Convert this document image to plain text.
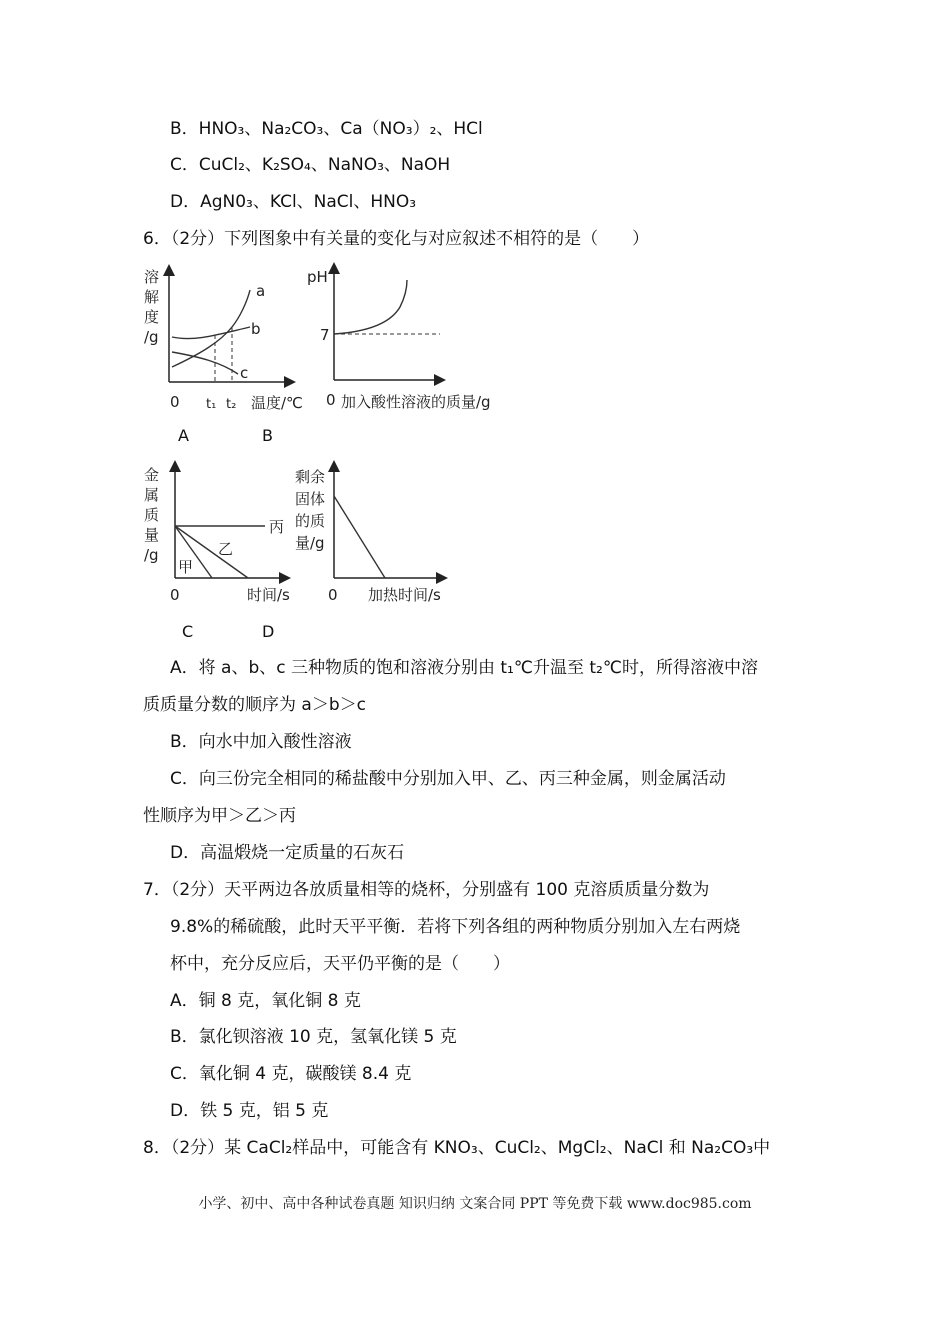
B．HNO₃、Na₂CO₃、Ca（NO₃）₂、HCl
C．CuCl₂、K₂SO₄、NaNO₃、NaOH
D．AgN0₃、KCl、NaCl、HNO₃
6．（2分）下列图象中有关量的变化与对应叙述不相符的是（　　）
溶
解
度
/g
a
b
c
0 t₁ t₂ 温度/℃
pH
7
0 加入酸性溶液的质量/g
A	B
金
属
质
量
/g
丙
乙
甲
0	时间/s
剩余
固体
的质
量/g
0 加热时间/s
C	D
A．将 a、b、c 三种物质的饱和溶液分别由 t₁℃升温至 t₂℃时，所得溶液中溶
质质量分数的顺序为 a＞b＞c
B．向水中加入酸性溶液
C．向三份完全相同的稀盐酸中分别加入甲、乙、丙三种金属，则金属活动
性顺序为甲＞乙＞丙
D．高温煅烧一定质量的石灰石
7．（2分）天平两边各放质量相等的烧杯，分别盛有 100 克溶质质量分数为
9.8%的稀硫酸，此时天平平衡．若将下列各组的两种物质分别加入左右两烧
杯中，充分反应后，天平仍平衡的是（　　）
A．铜 8 克，氧化铜 8 克
B．氯化钡溶液 10 克，氢氧化镁 5 克
C．氧化铜 4 克，碳酸镁 8.4 克
D．铁 5 克，铝 5 克
8．（2分）某 CaCl₂样品中，可能含有 KNO₃、CuCl₂、MgCl₂、NaCl 和 Na₂CO₃中
小学、初中、高中各种试卷真题 知识归纳 文案合同 PPT 等免费下载 www.doc985.com
